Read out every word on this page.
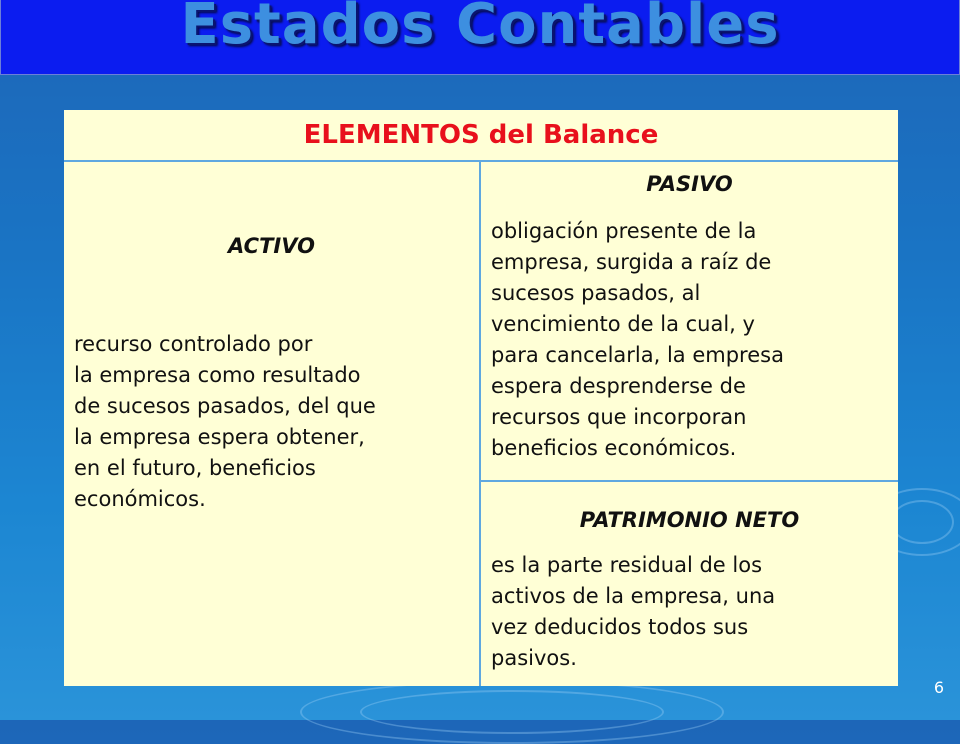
Estados Contables
ELEMENTOS del Balance
ACTIVO

recurso controlado por
la empresa como resultado
de sucesos pasados, del que
la empresa espera obtener,
en el futuro, beneficios
económicos.

PASIVO

obligación presente de la
empresa, surgida a raíz de
sucesos pasados, al
vencimiento de la cual, y
para cancelarla, la empresa
espera desprenderse de
recursos que incorporan
beneficios económicos.

PATRIMONIO NETO

es la parte residual de los
activos de la empresa, una
vez deducidos todos sus
pasivos.

6
